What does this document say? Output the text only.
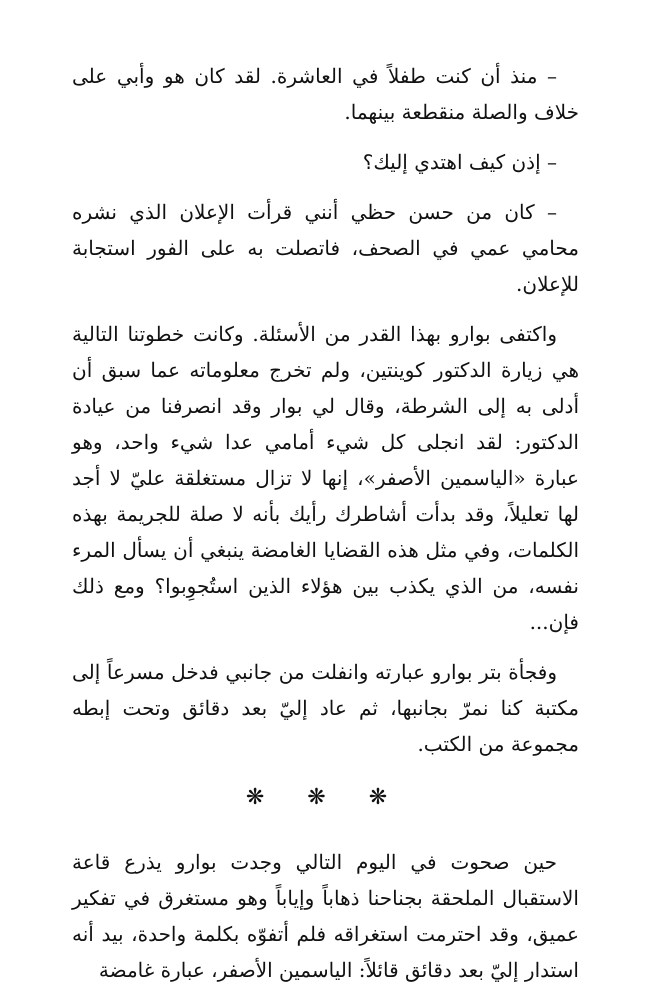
– منذ أن كنت طفلاً في العاشرة. لقد كان هو وأبي على خلاف والصلة منقطعة بينهما.

– إذن كيف اهتدي إليك؟

– كان من حسن حظي أنني قرأت الإعلان الذي نشره محامي عمي في الصحف، فاتصلت به على الفور استجابة للإعلان.

واكتفى بوارو بهذا القدر من الأسئلة. وكانت خطوتنا التالية هي زيارة الدكتور كوينتين، ولم تخرج معلوماته عما سبق أن أدلى به إلى الشرطة، وقال لي بوار وقد انصرفنا من عيادة الدكتور: لقد انجلى كل شيء أمامي عدا شيء واحد، وهو عبارة «الياسمين الأصفر»، إنها لا تزال مستغلقة عليّ لا أجد لها تعليلاً، وقد بدأت أشاطرك رأيك بأنه لا صلة للجريمة بهذه الكلمات، وفي مثل هذه القضايا الغامضة ينبغي أن يسأل المرء نفسه، من الذي يكذب بين هؤلاء الذين استُجوِبوا؟ ومع ذلك فإن...

وفجأة بتر بوارو عبارته وانفلت من جانبي فدخل مسرعاً إلى مكتبة كنا نمرّ بجانبها، ثم عاد إليّ بعد دقائق وتحت إبطه مجموعة من الكتب.

❋ ❋ ❋

حين صحوت في اليوم التالي وجدت بوارو يذرع قاعة الاستقبال الملحقة بجناحنا ذهاباً وإياباً وهو مستغرق في تفكير عميق، وقد احترمت استغراقه فلم أتفوّه بكلمة واحدة، بيد أنه استدار إليّ بعد دقائق قائلاً: الياسمين الأصفر، عبارة غامضة
